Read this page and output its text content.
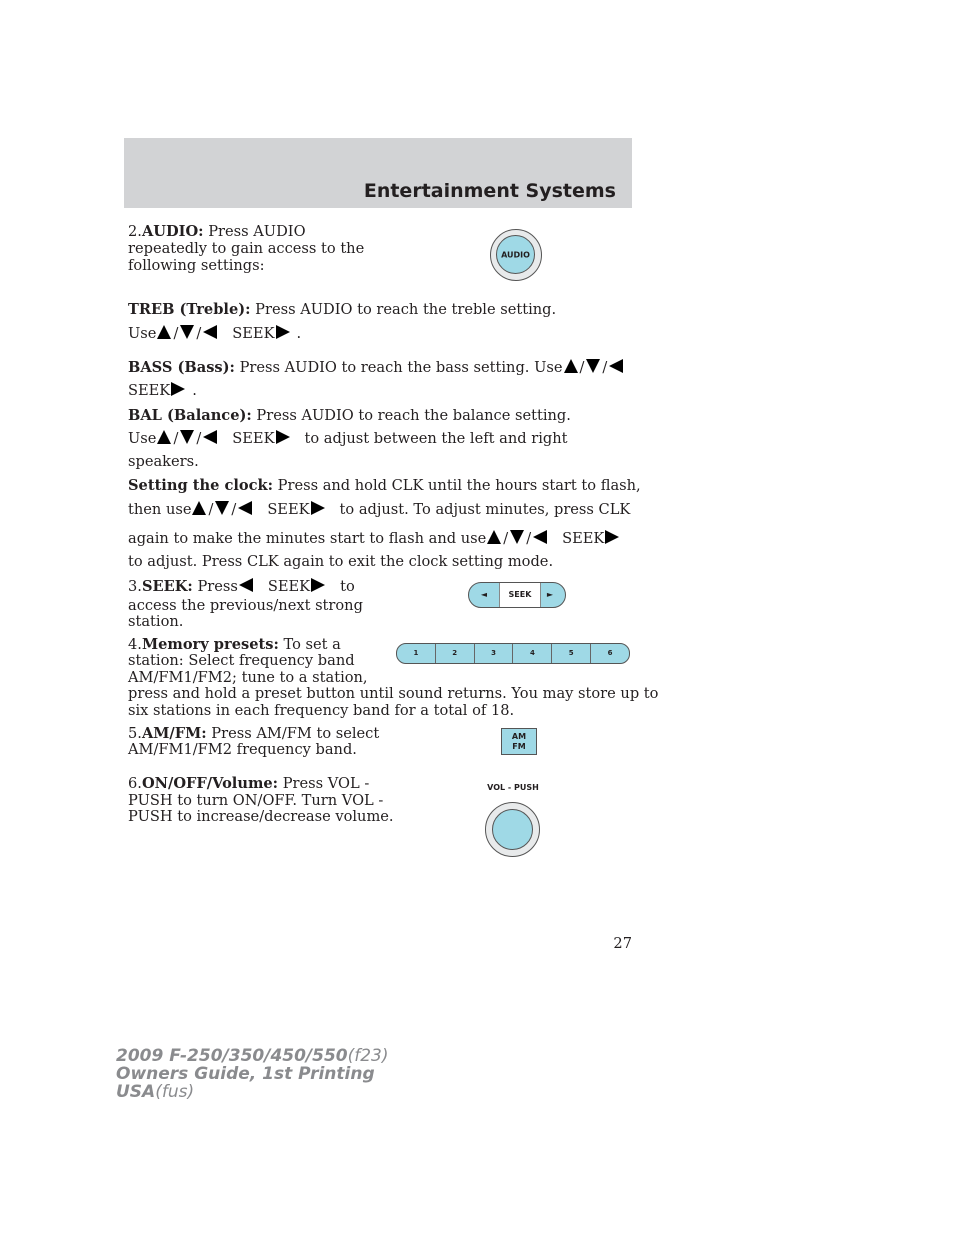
Entertainment Systems
2.AUDIO: Press AUDIO repeatedly to gain access to the following settings:
AUDIO
TREB (Treble): Press AUDIO to reach the treble setting.
Use / / SEEK .
BASS (Bass): Press AUDIO to reach the bass setting. Use / /
SEEK .
BAL (Balance): Press AUDIO to reach the balance setting.
Use / / SEEK to adjust between the left and right
speakers.
Setting the clock: Press and hold CLK until the hours start to flash,
then use / / SEEK to adjust. To adjust minutes, press CLK
again to make the minutes start to flash and use / / SEEK
to adjust. Press CLK again to exit the clock setting mode.
3.SEEK: Press SEEK to
access the previous/next strong
station.
◄	SEEK	►
4.Memory presets: To set a
station: Select frequency band
AM/FM1/FM2; tune to a station,
press and hold a preset button until sound returns. You may store up to
six stations in each frequency band for a total of 18.
1	2	3	4	5	6
5.AM/FM: Press AM/FM to select
AM/FM1/FM2 frequency band.
AM
FM
6.ON/OFF/Volume: Press VOL -
PUSH to turn ON/OFF. Turn VOL -
PUSH to increase/decrease volume.
VOL - PUSH
27
2009 F-250/350/450/550(f23)
Owners Guide, 1st Printing
USA(fus)
